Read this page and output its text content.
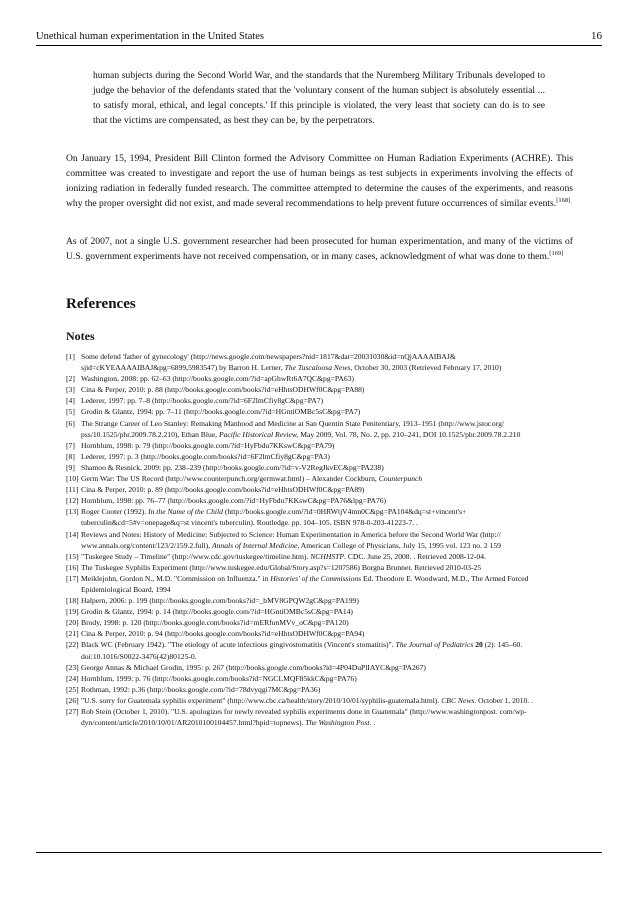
Unethical human experimentation in the United States	16

human subjects during the Second World War, and the standards that the Nuremberg Military Tribunals developed to judge the behavior of the defendants stated that the 'voluntary consent of the human subject is absolutely essential ... to satisfy moral, ethical, and legal concepts.' If this principle is violated, the very least that society can do is to see that the victims are compensated, as best they can be, by the perpetrators.

On January 15, 1994, President Bill Clinton formed the Advisory Committee on Human Radiation Experiments (ACHRE). This committee was created to investigate and report the use of human beings as test subjects in experiments involving the effects of ionizing radiation in federally funded research. The committee attempted to determine the causes of the experiments, and reasons why the proper oversight did not exist, and made several recommendations to help prevent future occurrences of similar events.[168]

As of 2007, not a single U.S. government researcher had been prosecuted for human experimentation, and many of the victims of U.S. government experiments have not received compensation, or in many cases, acknowledgment of what was done to them.[169]

References
Notes
[1] Some defend 'father of gynecology' (http://news.google.com/newspapers?nid=1817&dat=20031030&id=nQjAAAAIBAJ& sjid=cKYEAAAAIBAJ&pg=6899,5983547) by Barron H. Lerner, The Tuscaloosa News, October 30, 2003 (Retrieved February 17, 2010)
[2] Washington, 2008: pp. 62–63 (http://books.google.com/?id=apGhwRt6A7QC&pg=PA63)
[3] Cina & Perper, 2010: p. 88 (http://books.google.com/books?id=eHhtsODHWf0C&pg=PA88)
[4] Lederer, 1997: pp. 7–8 (http://books.google.com/?id=6F2lmCfiy8gC&pg=PA7)
[5] Grodin & Glantz, 1994: pp. 7–11 (http://books.google.com/?id=HGntiOMBc5sC&pg=PA7)
[6] The Strange Career of Leo Stanley: Remaking Manhood and Medicine at San Quentin State Penitentiary, 1913–1951 (http://www.jstor.org/ pss/10.1525/phr.2009.78.2.210), Ethan Blue, Pacific Historical Review, May 2009, Vol. 78, No. 2, pp. 210–241, DOI 10.1525/phr.2009.78.2.210
[7] Hornblum, 1998: p. 79 (http://books.google.com/?id=HyFbdu7KKswC&pg=PA79)
[8] Lederer, 1997: p. 3 (http://books.google.com/books?id=6F2lmCfiy8gC&pg=PA3)
[9] Shamoo & Resnick, 2009: pp. 238–239 (http://books.google.com/?id=v-V2RegJkvEC&pg=PA238)
[10] Germ War: The US Record (http://www.counterpunch.org/germwar.html) – Alexander Cockburn, Counterpunch
[11] Cina & Perper, 2010: p. 89 (http://books.google.com/books?id=eHhtsODHWf0C&pg=PA89)
[12] Hornblum, 1998: pp. 76–77 (http://books.google.com/?id=HyFbdu7KKswC&pg=PA76&lpg=PA76)
[13] Roger Cooter (1992). In the Name of the Child (http://books.google.com/?id=0HRWtjV4mn0C&pg=PA104&dq=st+vincent's+ tuberculin&cd=5#v=onepage&q=st vincent's tuberculin). Routledge. pp. 104–105. ISBN 978-0-203-41223-7. .
[14] Reviews and Notes: History of Medicine: Subjected to Science: Human Experimentation in America before the Second World War (http:// www.annals.org/content/123/2/159.2.full), Annals of Internal Medicine, American College of Physicians, July 15, 1995 vol. 123 no. 2 159
[15] "Tuskegee Study – Timeline" (http://www.cdc.gov/tuskegee/timeline.htm). NCHHSTP. CDC. June 25, 2008. . Retrieved 2008-12-04.
[16] The Tuskegee Syphilis Experiment (http://www.tuskegee.edu/Global/Story.asp?s=1207586) Borgna Brunner. Retrieved 2010-03-25
[17] Meiklejohn, Gordon N., M.D. "Commission on Influenza." in Histories' of the Commissions Ed. Theodore E. Woodward, M.D., The Armed Forced Epidemiological Board, 1994
[18] Halpern, 2006: p. 199 (http://books.google.com/books?id=_bMV8GPQW2gC&pg=PA199)
[19] Grodin & Glantz, 1994: p. 14 (http://books.google.com/?id=HGntiOMBc5sC&pg=PA14)
[20] Brody, 1998: p. 120 (http://books.google.com/books?id=mERfunMVv_oC&pg=PA120)
[21] Cina & Perper, 2010: p. 94 (http://books.google.com/books?id=eHhtsODHWf0C&pg=PA94)
[22] Black WC (February 1942). "The etiology of acute infectious gingivostomatitis (Vincent's stomatitis)". The Journal of Pediatrics 20 (2): 145–60. doi:10.1016/S0022-3476(42)80125-0.
[23] George Annas & Michael Grodin, 1995: p. 267 (http://books.google.com/books?id=4P04DuPlIAYC&pg=PA267)
[24] Hornblum, 1999: p. 76 (http://books.google.com/books?id=NGCLMQF85kkC&pg=PA76)
[25] Rothman, 1992: p.36 (http://books.google.com/?id=78dvyqgi7MC&pg=PA36)
[26] "U.S. sorry for Guatemala syphilis experiment" (http://www.cbc.ca/health/story/2010/10/01/syphilis-guatemala.html). CBC News. October 1, 2010. .
[27] Rob Stein (October 1, 2010). "U.S. apologizes for newly revealed syphilis experiments done in Guatemala" (http://www.washingtonpost. com/wp-dyn/content/article/2010/10/01/AR2010100104457.html?hpid=topnews). The Washington Post. .
